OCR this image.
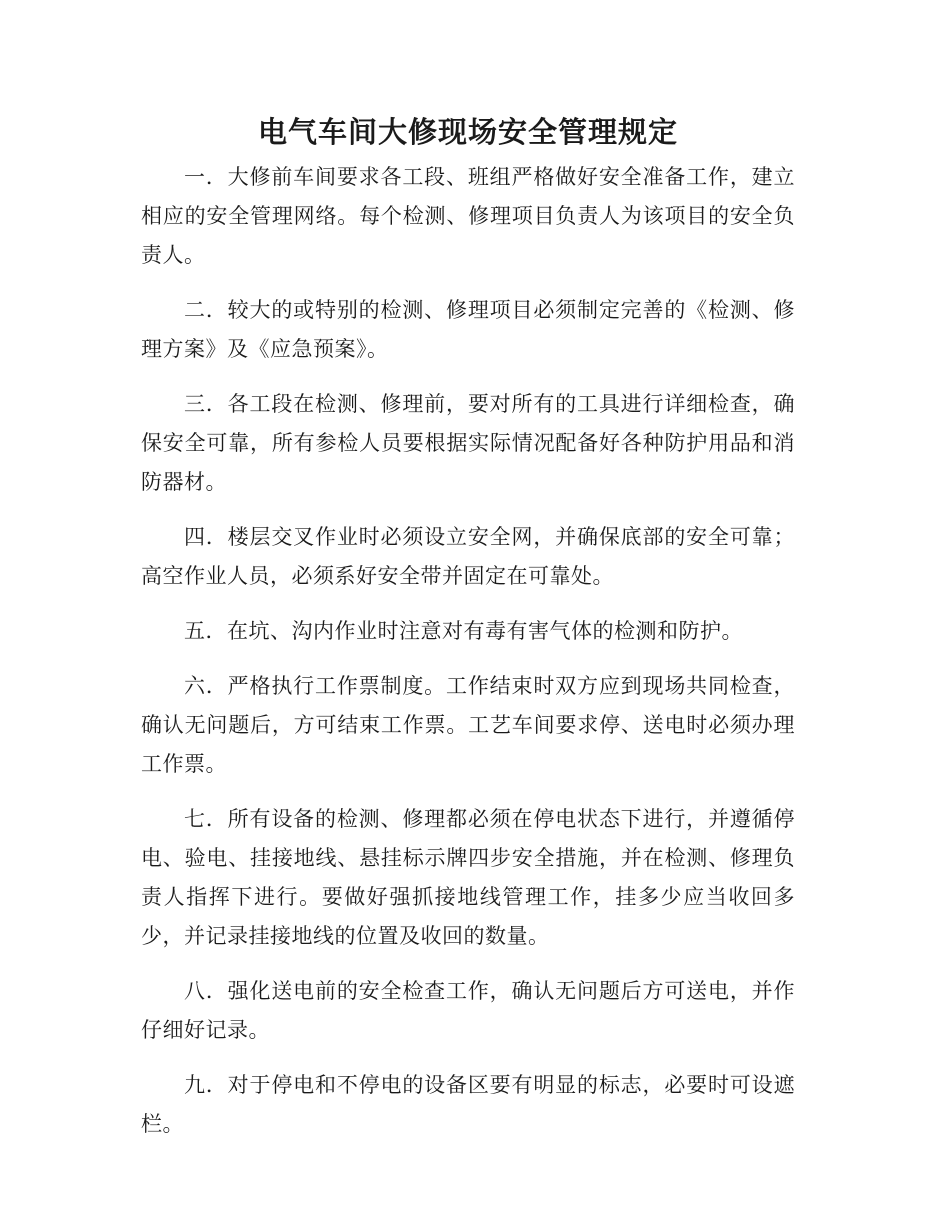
电气车间大修现场安全管理规定

一．大修前车间要求各工段、班组严格做好安全准备工作，建立相应的安全管理网络。每个检测、修理项目负责人为该项目的安全负责人。

二．较大的或特别的检测、修理项目必须制定完善的《检测、修理方案》及《应急预案》。

三．各工段在检测、修理前，要对所有的工具进行详细检查，确保安全可靠，所有参检人员要根据实际情况配备好各种防护用品和消防器材。

四．楼层交叉作业时必须设立安全网，并确保底部的安全可靠；高空作业人员，必须系好安全带并固定在可靠处。

五．在坑、沟内作业时注意对有毒有害气体的检测和防护。

六．严格执行工作票制度。工作结束时双方应到现场共同检查，确认无问题后，方可结束工作票。工艺车间要求停、送电时必须办理工作票。

七．所有设备的检测、修理都必须在停电状态下进行，并遵循停电、验电、挂接地线、悬挂标示牌四步安全措施，并在检测、修理负责人指挥下进行。要做好强抓接地线管理工作，挂多少应当收回多少，并记录挂接地线的位置及收回的数量。

八．强化送电前的安全检查工作，确认无问题后方可送电，并作仔细好记录。

九．对于停电和不停电的设备区要有明显的标志，必要时可设遮栏。
